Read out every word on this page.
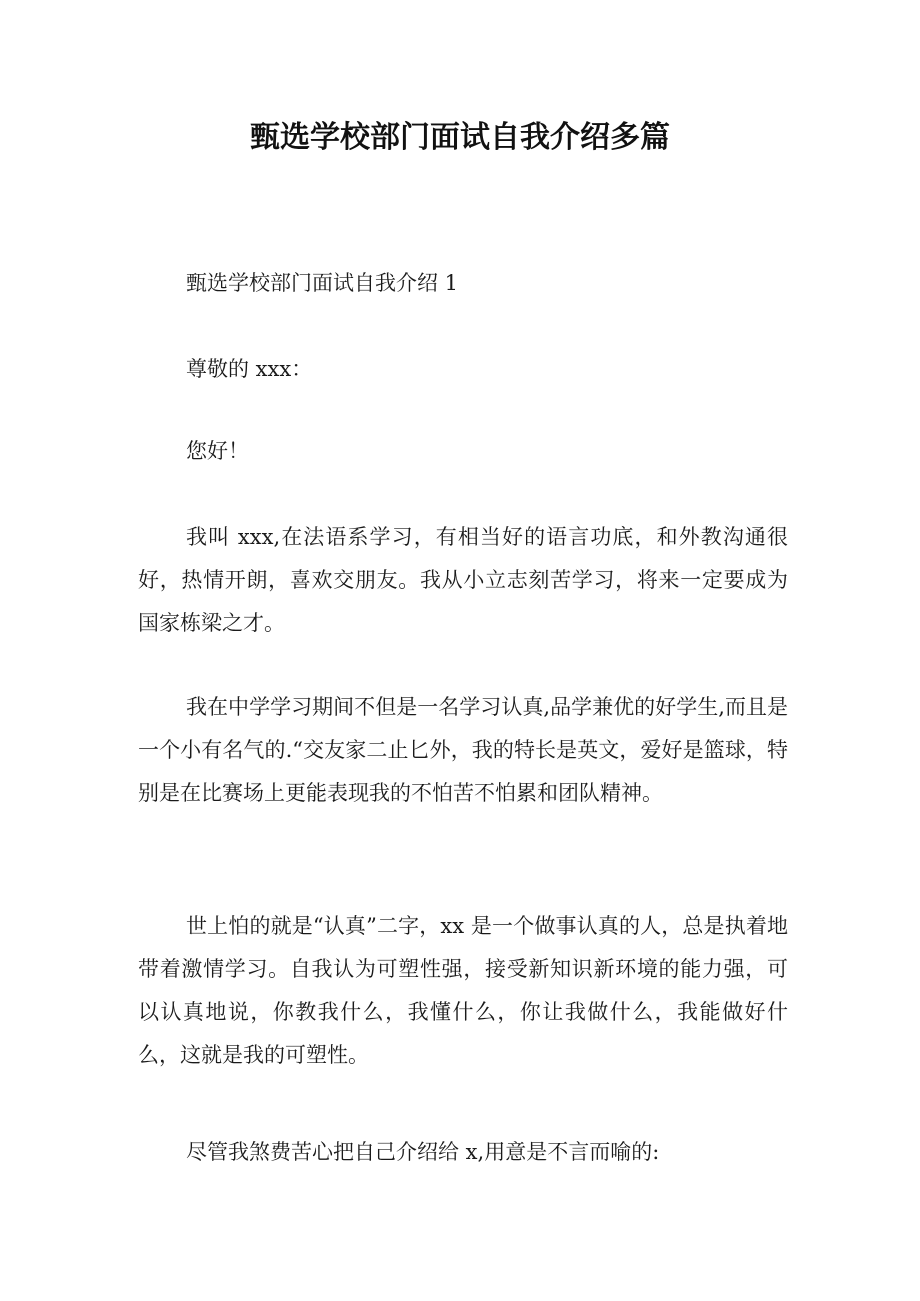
甄选学校部门面试自我介绍多篇

甄选学校部门面试自我介绍 1

尊敬的 xxx：

您好！

我叫 xxx,在法语系学习，有相当好的语言功底，和外教沟通很好，热情开朗，喜欢交朋友。我从小立志刻苦学习，将来一定要成为国家栋梁之才。

我在中学学习期间不但是一名学习认真,品学兼优的好学生,而且是一个小有名气的.“交友家二止匕外，我的特长是英文，爱好是篮球，特别是在比赛场上更能表现我的不怕苦不怕累和团队精神。

世上怕的就是“认真”二字，xx 是一个做事认真的人，总是执着地带着激情学习。自我认为可塑性强，接受新知识新环境的能力强，可以认真地说，你教我什么，我懂什么，你让我做什么，我能做好什么，这就是我的可塑性。

尽管我煞费苦心把自己介绍给 x,用意是不言而喻的:
